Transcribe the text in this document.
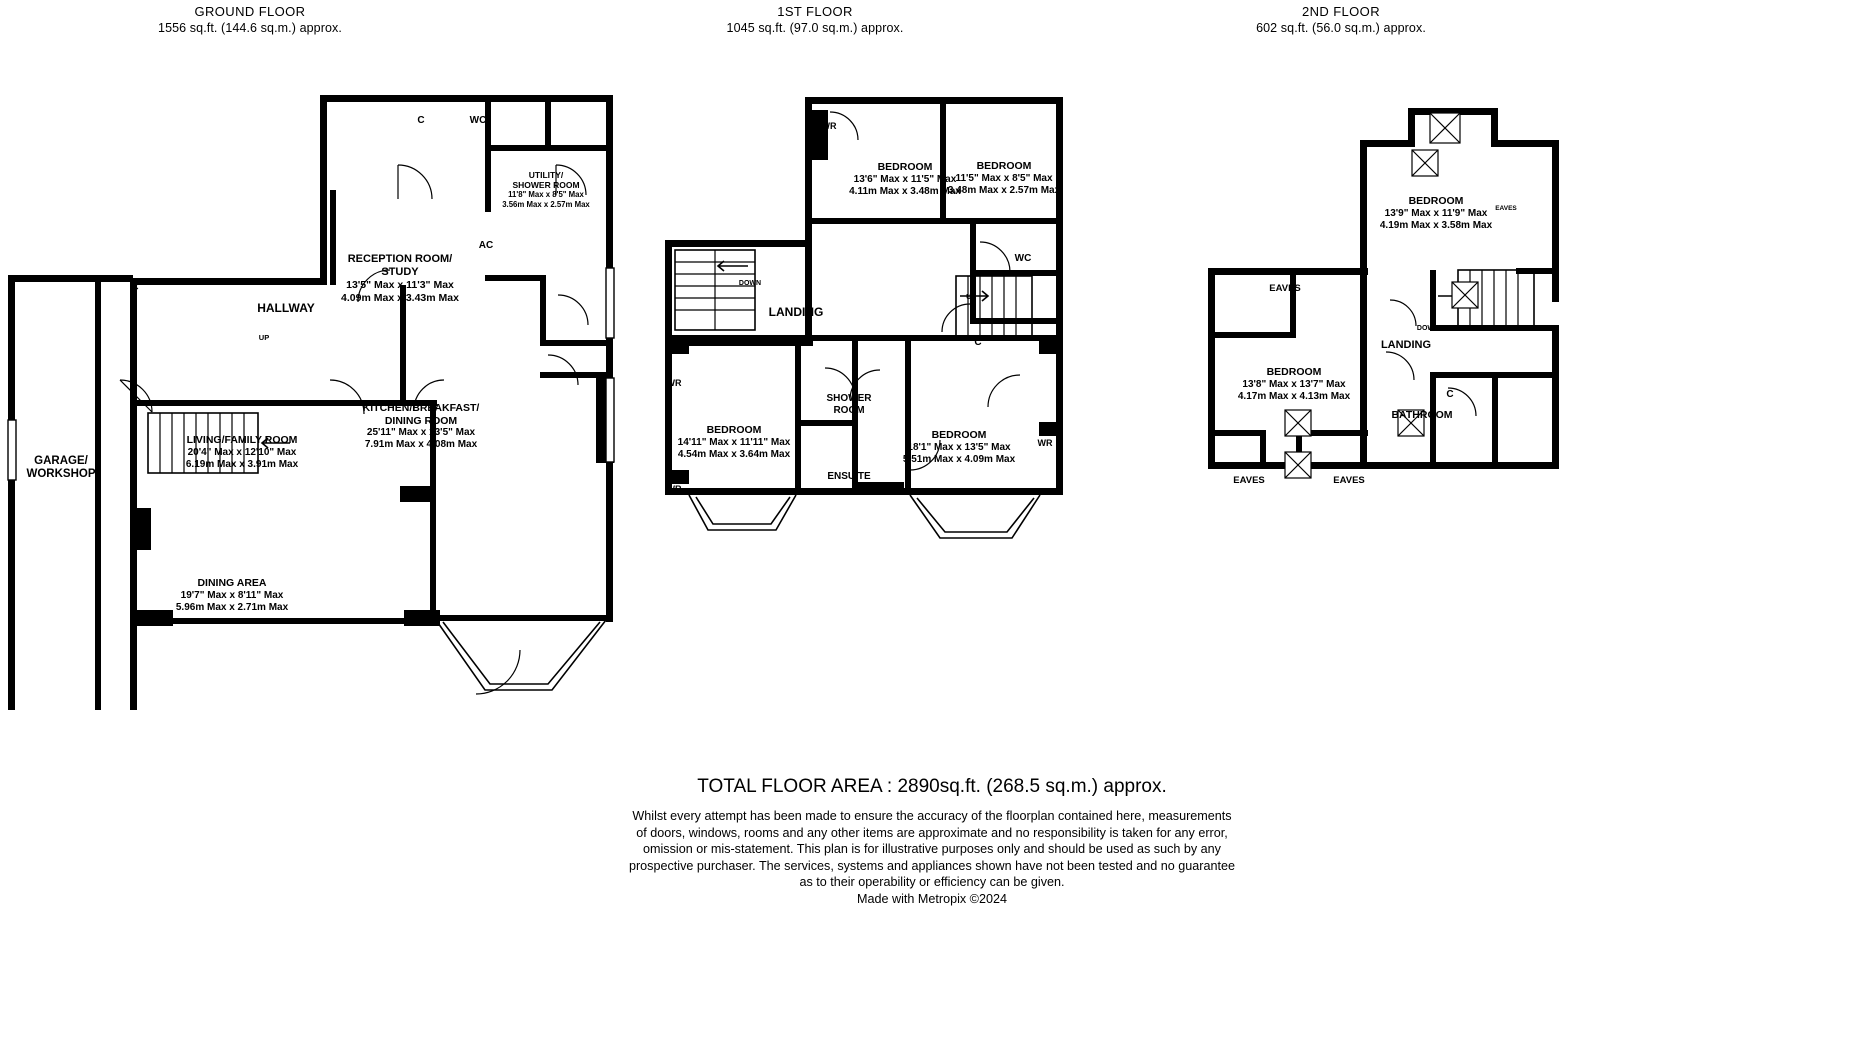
GROUND FLOOR
1556 sq.ft. (144.6 sq.m.) approx.
RECEPTION ROOM/
STUDY
13'5" Max x 11'3" Max
4.09m Max x 3.43m Max
UTILITY/
SHOWER ROOM
11'8" Max x 8'5" Max
3.56m Max x 2.57m Max
HALLWAY
KITCHEN/BREAKFAST/
DINING ROOM
25'11" Max x 13'5" Max
7.91m Max x 4.08m Max
LIVING/FAMILY ROOM
20'4" Max x 12'10" Max
6.19m Max x 3.91m Max
DINING AREA
19'7" Max x 8'11" Max
5.96m Max x 2.71m Max
GARAGE/
WORKSHOP
C	WC
C
AC
UP
1ST FLOOR
1045 sq.ft. (97.0 sq.m.) approx.
BEDROOM
13'6" Max x 11'5" Max
4.11m Max x 3.48m Max
BEDROOM
11'5" Max x 8'5" Max
3.48m Max x 2.57m Max
LANDING
BEDROOM
14'11" Max x 11'11" Max
4.54m Max x 3.64m Max
SHOWER
ROOM
ENSUITE
BEDROOM
18'1" Max x 13'5" Max
5.51m Max x 4.09m Max
WR
WC
C
WR
WR
WR
DOWN
UP
2ND FLOOR
602 sq.ft. (56.0 sq.m.) approx.
BEDROOM
13'9" Max x 11'9" Max
4.19m Max x 3.58m Max
BEDROOM
13'8" Max x 13'7" Max
4.17m Max x 4.13m Max
LANDING
BATHROOM
EAVES
EAVES	EAVES
EAVES
C
DOWN
TOTAL FLOOR AREA : 2890sq.ft. (268.5 sq.m.) approx.
Whilst every attempt has been made to ensure the accuracy of the floorplan contained here, measurements
of doors, windows, rooms and any other items are approximate and no responsibility is taken for any error,
omission or mis-statement. This plan is for illustrative purposes only and should be used as such by any
prospective purchaser. The services, systems and appliances shown have not been tested and no guarantee
as to their operability or efficiency can be given.
Made with Metropix ©2024
